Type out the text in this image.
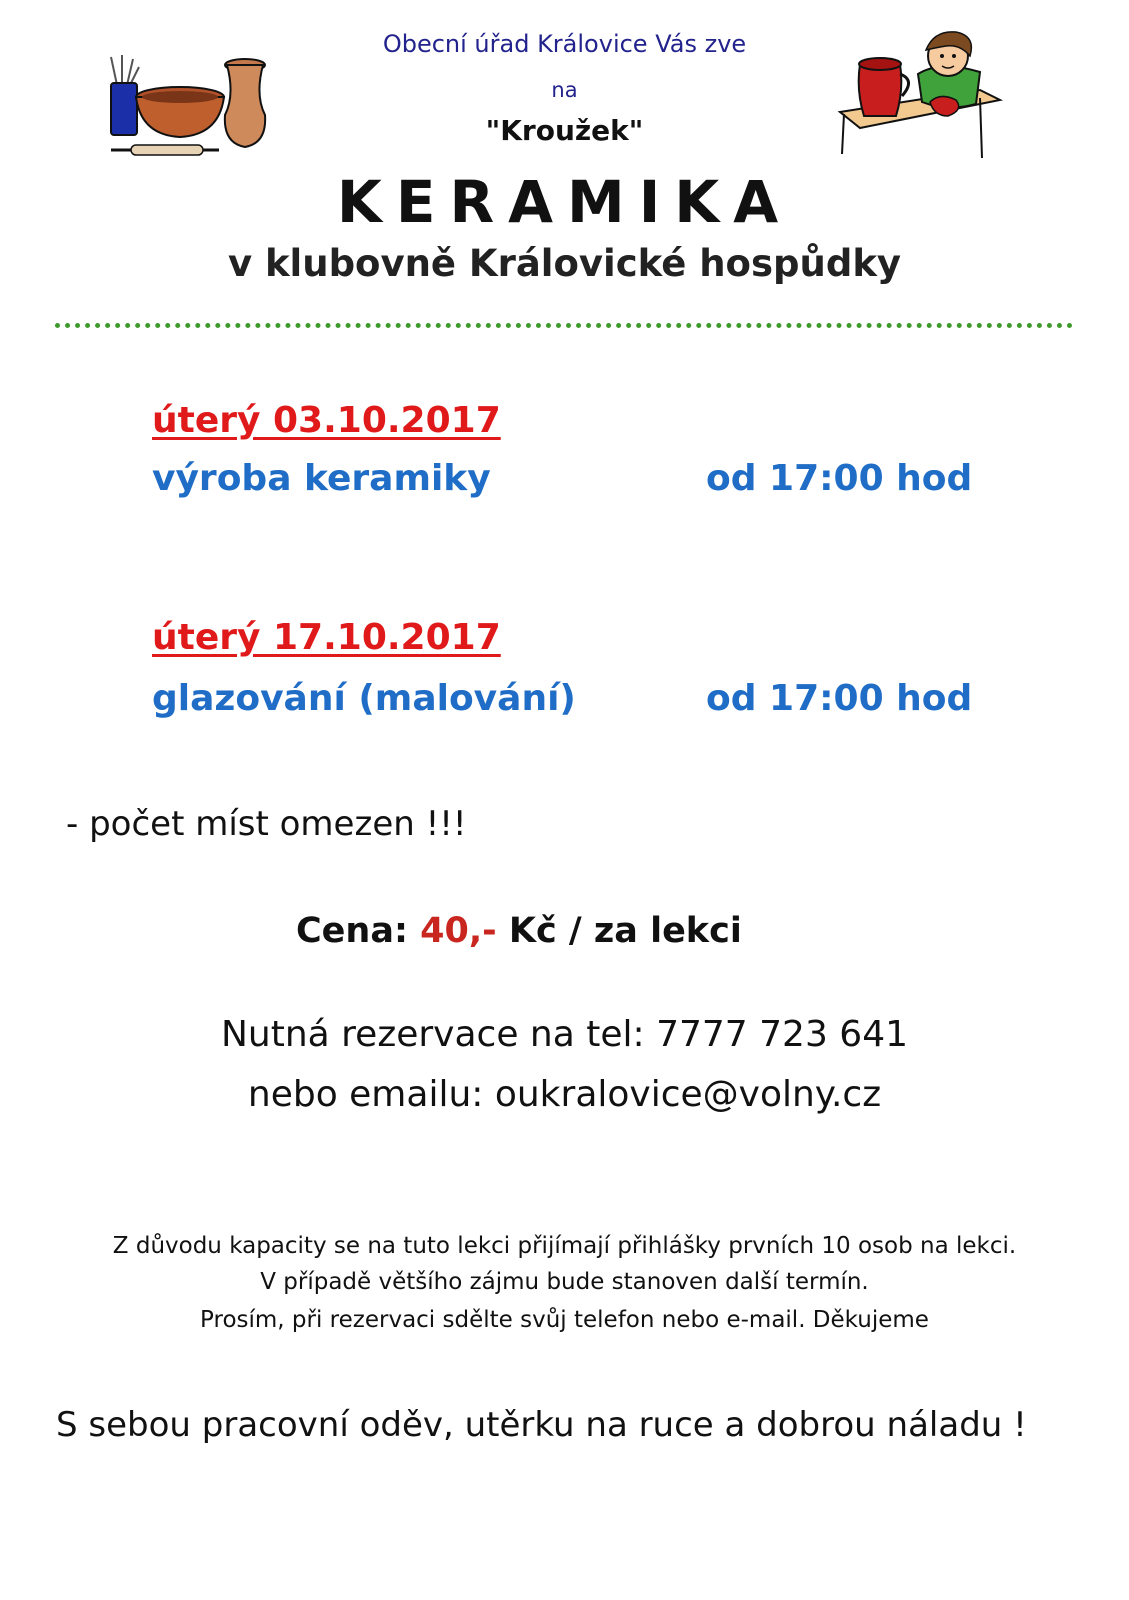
Obecní úřad Královice Vás zve
na
"Kroužek"
KERAMIKA
v klubovně Královické hospůdky
úterý 03.10.2017
výroba keramiky	od 17:00 hod
úterý 17.10.2017
glazování (malování)	od 17:00 hod
- počet míst omezen !!!
Cena: 40,- Kč / za lekci
Nutná rezervace na tel: 7777 723 641
nebo emailu: oukralovice@volny.cz
Z důvodu kapacity se na tuto lekci přijímají přihlášky prvních 10 osob na lekci.
V případě většího zájmu bude stanoven další termín.
Prosím, při rezervaci sdělte svůj telefon nebo e-mail. Děkujeme
S sebou pracovní oděv, utěrku na ruce a dobrou náladu !
